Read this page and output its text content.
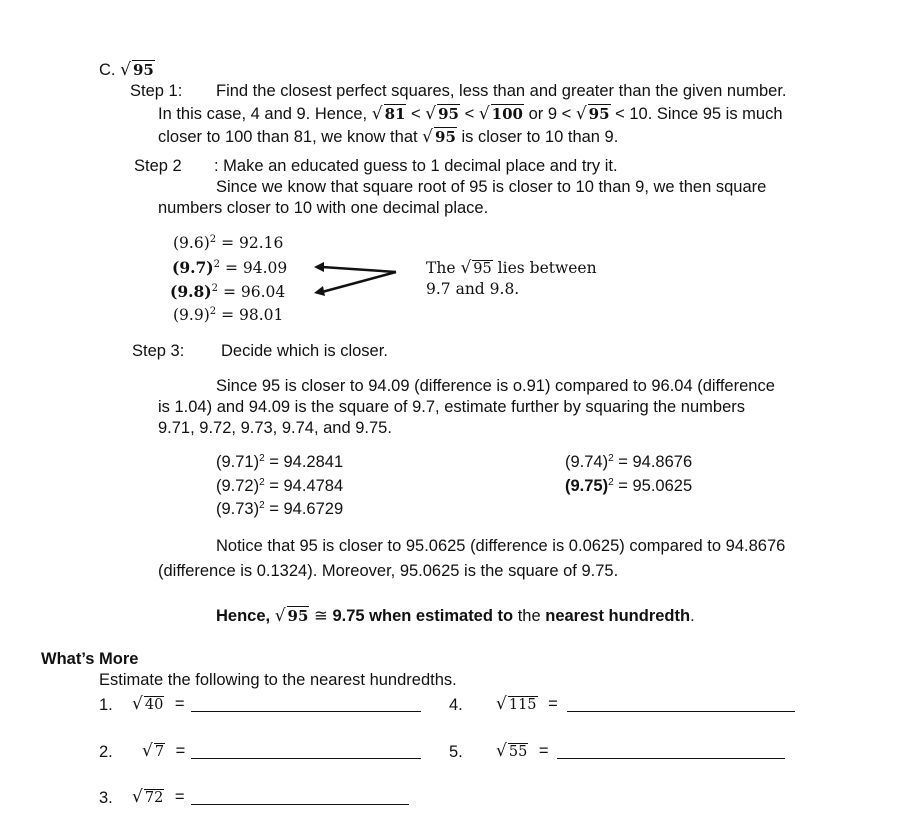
C. √ 95
Step 1: Find the closest perfect squares, less than and greater than the given number.
In this case, 4 and 9. Hence, √ 81 < √ 95 < √ 100 or 9 < √ 95 < 10. Since 95 is much
closer to 100 than 81, we know that √ 95 is closer to 10 than 9.
Step 2 : Make an educated guess to 1 decimal place and try it.
Since we know that square root of 95 is closer to 10 than 9, we then square
numbers closer to 10 with one decimal place.
$(9.6)^2 = 92.16$
$(9.7)^2 = 94.09$
$(9.8)^2 = 96.04$
$(9.9)^2 = 98.01$
The √ 95 lies between
9.7 and 9.8.
Step 3: Decide which is closer.
Since 95 is closer to 94.09 (difference is o.91) compared to 96.04 (difference
is 1.04) and 94.09 is the square of 9.7, estimate further by squaring the numbers
9.71, 9.72, 9.73, 9.74, and 9.75.
$(9.71)^2 = 94.2841$
$(9.72)^2 = 94.4784$
$(9.73)^2 = 94.6729$
$(9.74)^2 = 94.8676$
$(9.75)^2 = 95.0625$
Notice that 95 is closer to 95.0625 (difference is 0.0625) compared to 94.8676
(difference is 0.1324). Moreover, 95.0625 is the square of 9.75.
Hence, √ 95 ≅ 9.75 when estimated to the nearest hundredth.
What’s More
Estimate the following to the nearest hundredths.
1. √ 40 =	4. √ 115 =
2. √ 7 =	5. √ 55 =
3. √ 72 =
